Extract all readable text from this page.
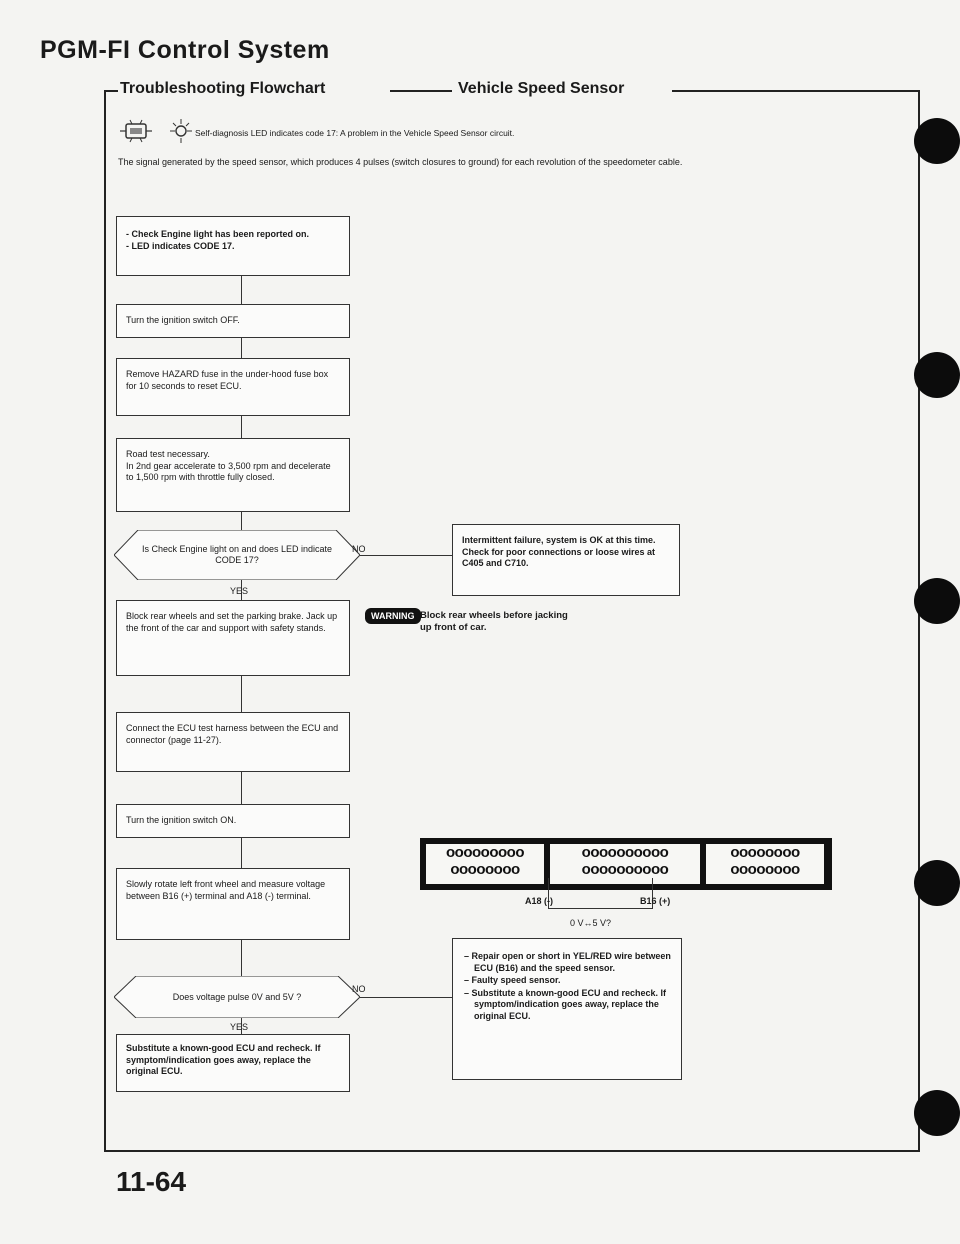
PGM-FI Control System
Troubleshooting Flowchart	Vehicle Speed Sensor
Self-diagnosis LED indicates code 17: A problem in the Vehicle Speed Sensor circuit.
The signal generated by the speed sensor, which produces 4 pulses (switch closures to ground) for each revolution of the speedometer cable.
- Check Engine light has been reported on.
- LED indicates CODE 17.
Turn the ignition switch OFF.
Remove HAZARD fuse in the under-hood fuse box for 10 seconds to reset ECU.
Road test necessary.
In 2nd gear accelerate to 3,500 rpm and decelerate to 1,500 rpm with throttle fully closed.
Is Check Engine light on and does LED indicate CODE 17?
NO
YES
Intermittent failure, system is OK at this time.
Check for poor connections or loose wires at C405 and C710.
Block rear wheels and set the parking brake. Jack up the front of the car and support with safety stands.
WARNING Block rear wheels before jacking up front of car.
Connect the ECU test harness between the ECU and connector (page 11-27).
Turn the ignition switch ON.
Slowly rotate left front wheel and measure voltage between B16 (+) terminal and A18 (-) terminal.
ooooooooo
oooooooo
oooooooooo
oooooooooo
oooooooo
oooooooo
A18 (-)	B16 (+)
0 V↔5 V?
Does voltage pulse 0V and 5V ?
NO
YES
– Repair open or short in YEL/RED wire between ECU (B16) and the speed sensor.
– Faulty speed sensor.
– Substitute a known-good ECU and recheck. If symptom/indication goes away, replace the original ECU.
Substitute a known-good ECU and recheck. If symptom/indication goes away, replace the original ECU.
11-64
